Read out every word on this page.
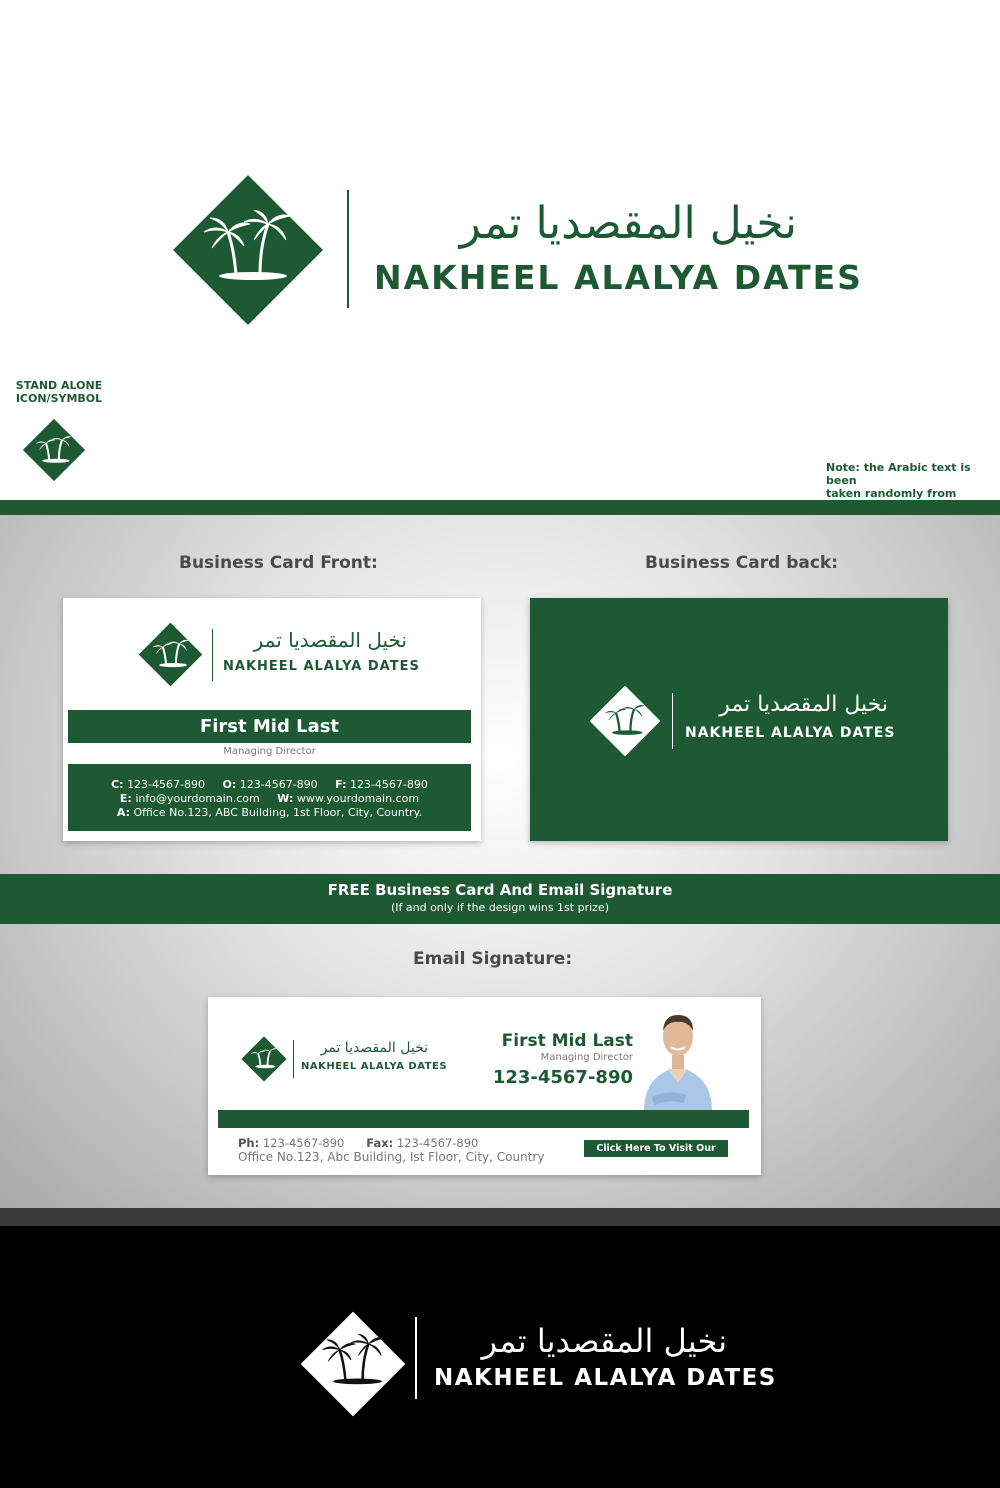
نخيل المقصديا تمر
NAKHEEL ALALYA DATES
STAND ALONE
ICON/SYMBOL
Note: the Arabic text is been
taken randomly from
Business Card Front:	Business Card back:
نخيل المقصديا تمر
NAKHEEL ALALYA DATES
First Mid Last
Managing Director
C: 123-4567-890 O: 123-4567-890 F: 123-4567-890
E: info@yourdomain.com W: www.yourdomain.com
A: Office No.123, ABC Building, 1st Floor, City, Country.
نخيل المقصديا تمر
NAKHEEL ALALYA DATES
FREE Business Card And Email Signature
(If and only if the design wins 1st prize)
Email Signature:
نخيل المقصديا تمر
NAKHEEL ALALYA DATES
First Mid Last
Managing Director
123-4567-890
Ph: 123-4567-890 Fax: 123-4567-890
Office No.123, Abc Building, Ist Floor, City, Country
Click Here To Visit Our Web
نخيل المقصديا تمر
NAKHEEL ALALYA DATES
